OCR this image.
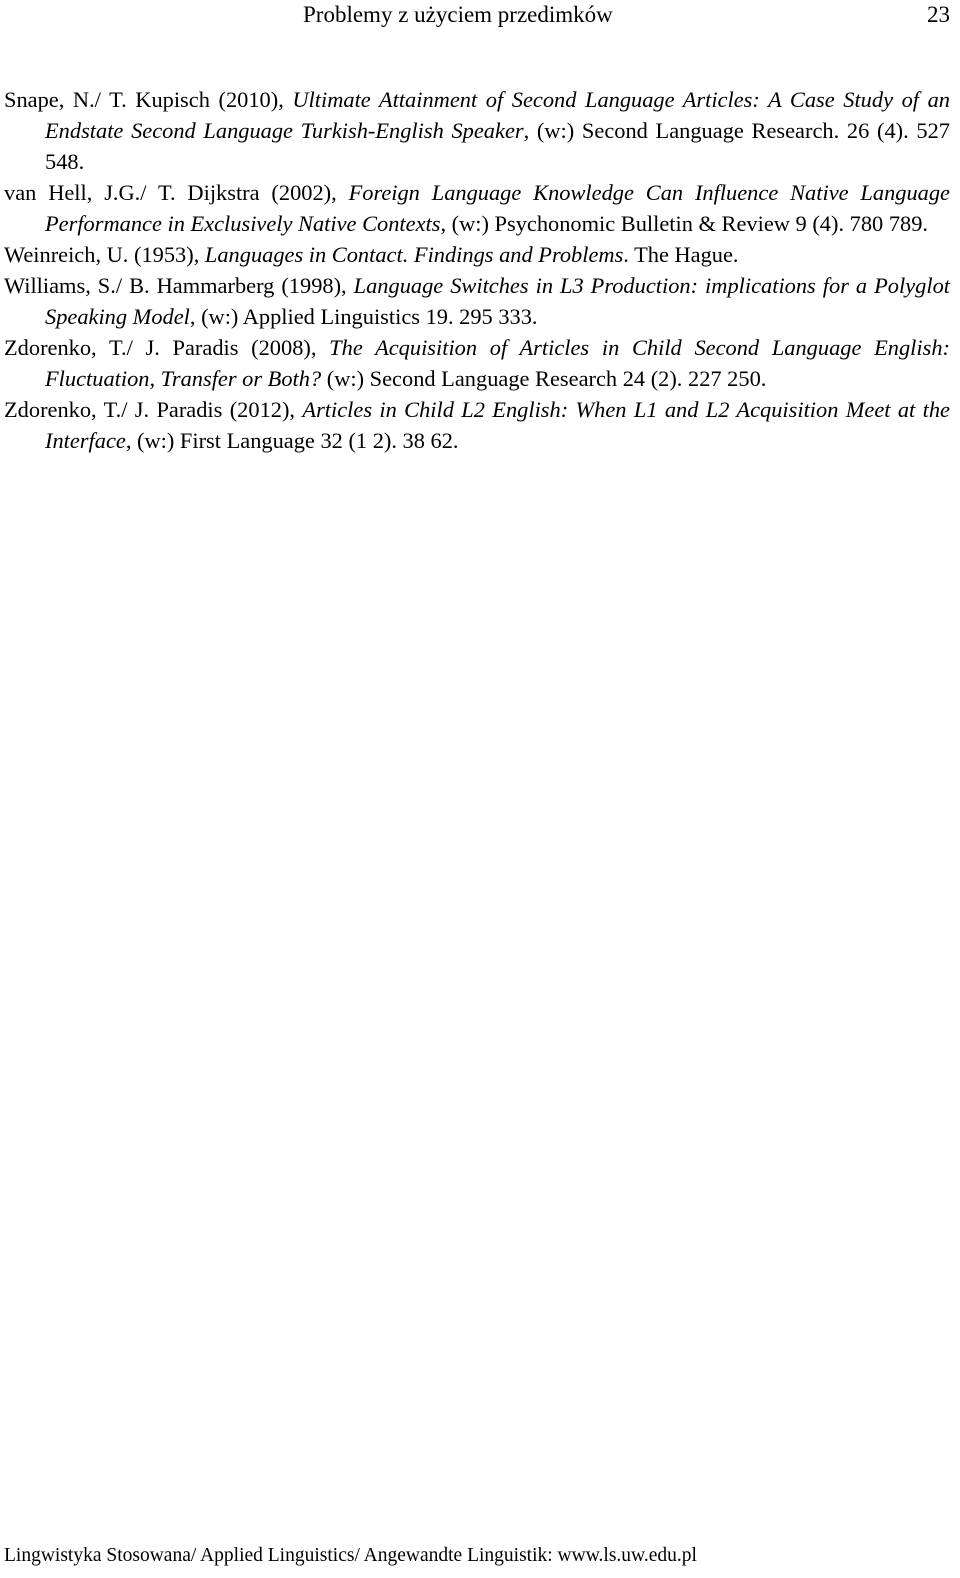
Problemy z użyciem przedimków	23

Snape, N./ T. Kupisch (2010), Ultimate Attainment of Second Language Articles: A Case Study of an Endstate Second Language Turkish-English Speaker, (w:) Second Language Research. 26 (4). 527 548.

van Hell, J.G./ T. Dijkstra (2002), Foreign Language Knowledge Can Influence Native Language Performance in Exclusively Native Contexts, (w:) Psychonomic Bulletin & Review 9 (4). 780 789.

Weinreich, U. (1953), Languages in Contact. Findings and Problems. The Hague.

Williams, S./ B. Hammarberg (1998), Language Switches in L3 Production: implications for a Polyglot Speaking Model, (w:) Applied Linguistics 19. 295 333.

Zdorenko, T./ J. Paradis (2008), The Acquisition of Articles in Child Second Language English: Fluctuation, Transfer or Both? (w:) Second Language Research 24 (2). 227 250.

Zdorenko, T./ J. Paradis (2012), Articles in Child L2 English: When L1 and L2 Acquisition Meet at the Interface, (w:) First Language 32 (1 2). 38 62.

Lingwistyka Stosowana/ Applied Linguistics/ Angewandte Linguistik: www.ls.uw.edu.pl
